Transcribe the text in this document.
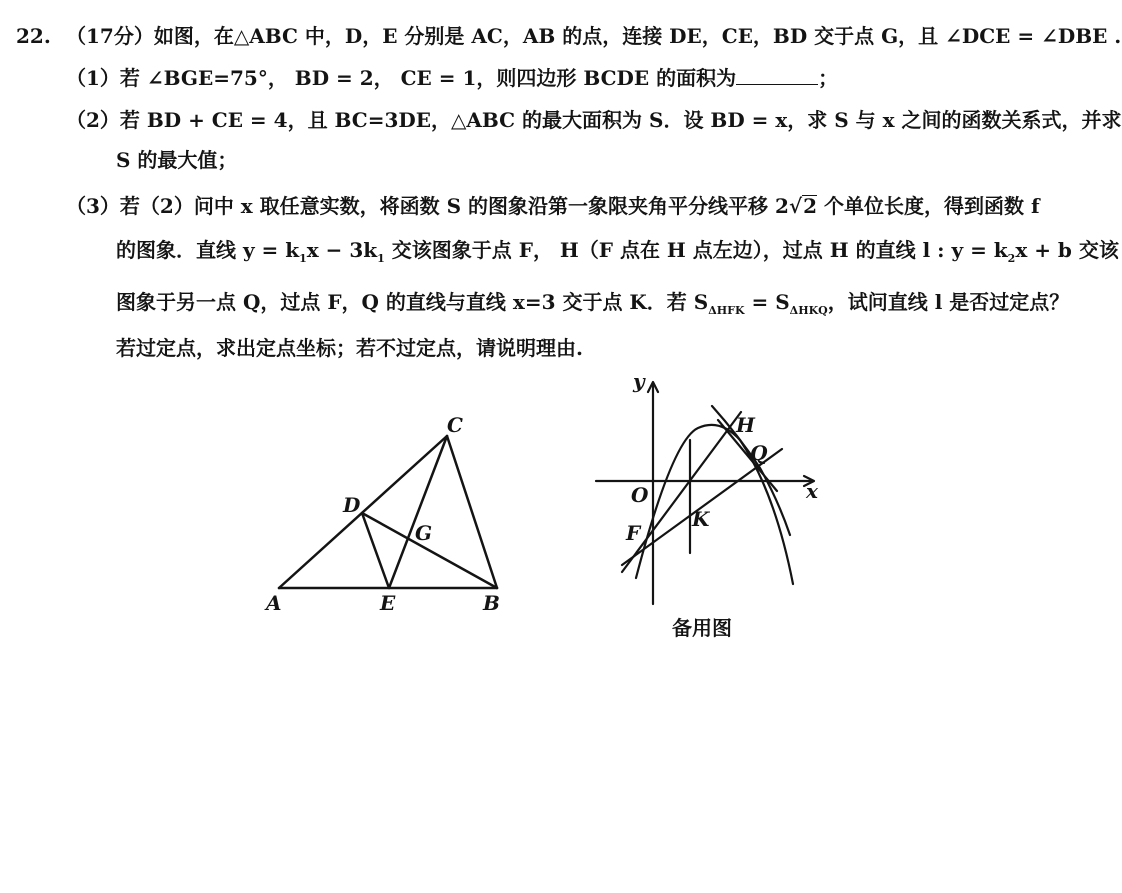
22. （17分）如图，在△ABC 中，D，E 分别是 AC，AB 的点，连接 DE，CE，BD 交于点 G，且 ∠DCE = ∠DBE .
（1）若 ∠BGE=75°， BD = 2， CE = 1，则四边形 BCDE 的面积为	；
（2）若 BD + CE = 4，且 BC=3DE，△ABC 的最大面积为 S．设 BD = x，求 S 与 x 之间的函数关系式，并求
S 的最大值；
（3）若（2）问中 x 取任意实数，将函数 S 的图象沿第一象限夹角平分线平移 2√2 个单位长度，得到函数 f
的图象．直线 $y = k_1x - 3k_1$ 交该图象于点 F， H（F 点在 H 点左边），过点 H 的直线 l : $y = k_2x + b$ 交该
图象于另一点 Q，过点 F，Q 的直线与直线 x=3 交于点 K．若 $S_{\Delta HFK} = S_{\Delta HKQ}$，试问直线 l 是否过定点？
若过定点，求出定点坐标；若不过定点，请说明理由.
A	B
C
D
E
G
y
x
O
H
Q
F
K
备用图
